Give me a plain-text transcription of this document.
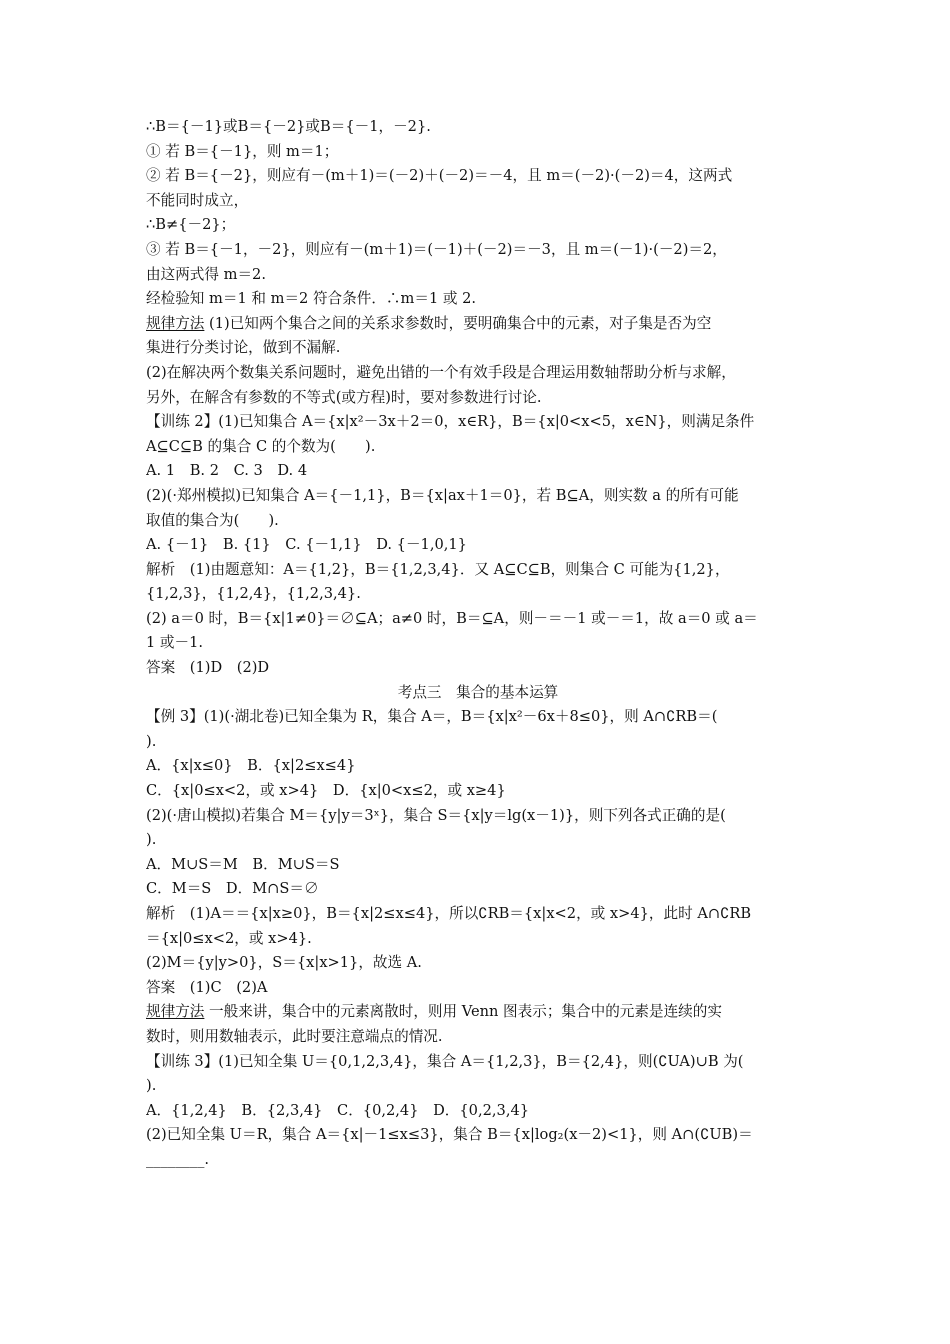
∴B＝{－1}或B＝{－2}或B＝{－1，－2}.
① 若 B＝{－1}，则 m＝1；
② 若 B＝{－2}，则应有－(m＋1)＝(－2)＋(－2)＝－4，且 m＝(－2)·(－2)＝4，这两式
不能同时成立，
∴B≠{－2}；
③ 若 B＝{－1，－2}，则应有－(m＋1)＝(－1)＋(－2)＝－3，且 m＝(－1)·(－2)＝2，
由这两式得 m＝2.
经检验知 m＝1 和 m＝2 符合条件．∴m＝1 或 2.
规律方法 (1)已知两个集合之间的关系求参数时，要明确集合中的元素，对子集是否为空
集进行分类讨论，做到不漏解.
(2)在解决两个数集关系问题时，避免出错的一个有效手段是合理运用数轴帮助分析与求解，
另外，在解含有参数的不等式(或方程)时，要对参数进行讨论.
【训练 2】(1)已知集合 A＝{x|x²－3x＋2＝0，x∈R}，B＝{x|0<x<5，x∈N}，则满足条件
A⊆C⊆B 的集合 C 的个数为(　　).
A. 1　B. 2　C. 3　D. 4
(2)(·郑州模拟)已知集合 A＝{－1,1}，B＝{x|ax＋1＝0}，若 B⊆A，则实数 a 的所有可能
取值的集合为(　　).
A. {－1}　B. {1}　C. {－1,1}　D. {－1,0,1}
解析　(1)由题意知：A＝{1,2}，B＝{1,2,3,4}．又 A⊆C⊆B，则集合 C 可能为{1,2}，
{1,2,3}，{1,2,4}，{1,2,3,4}.
(2) a＝0 时，B＝{x|1≠0}＝∅⊆A；a≠0 时，B＝⊆A，则－＝－1 或－＝1，故 a＝0 或 a＝
1 或－1.
答案　(1)D　(2)D
考点三　集合的基本运算
【例 3】(1)(·湖北卷)已知全集为 R，集合 A＝，B＝{x|x²－6x＋8≤0}，则 A∩∁RB＝(
).
A．{x|x≤0}　B．{x|2≤x≤4}
C．{x|0≤x<2，或 x>4}　D．{x|0<x≤2，或 x≥4}
(2)(·唐山模拟)若集合 M＝{y|y＝3ˣ}，集合 S＝{x|y＝lg(x－1)}，则下列各式正确的是(
).
A．M∪S＝M　B．M∪S＝S
C．M＝S　D．M∩S＝∅
解析　(1)A＝＝{x|x≥0}，B＝{x|2≤x≤4}，所以∁RB＝{x|x<2，或 x>4}，此时 A∩∁RB
＝{x|0≤x<2，或 x>4}.
(2)M＝{y|y>0}，S＝{x|x>1}，故选 A.
答案　(1)C　(2)A
规律方法 一般来讲，集合中的元素离散时，则用 Venn 图表示；集合中的元素是连续的实
数时，则用数轴表示，此时要注意端点的情况.
【训练 3】(1)已知全集 U＝{0,1,2,3,4}，集合 A＝{1,2,3}，B＝{2,4}，则(∁UA)∪B 为(
).
A．{1,2,4}　B．{2,3,4}　C．{0,2,4}　D．{0,2,3,4}
(2)已知全集 U＝R，集合 A＝{x|－1≤x≤3}，集合 B＝{x|log₂(x－2)<1}，则 A∩(∁UB)＝
________.
